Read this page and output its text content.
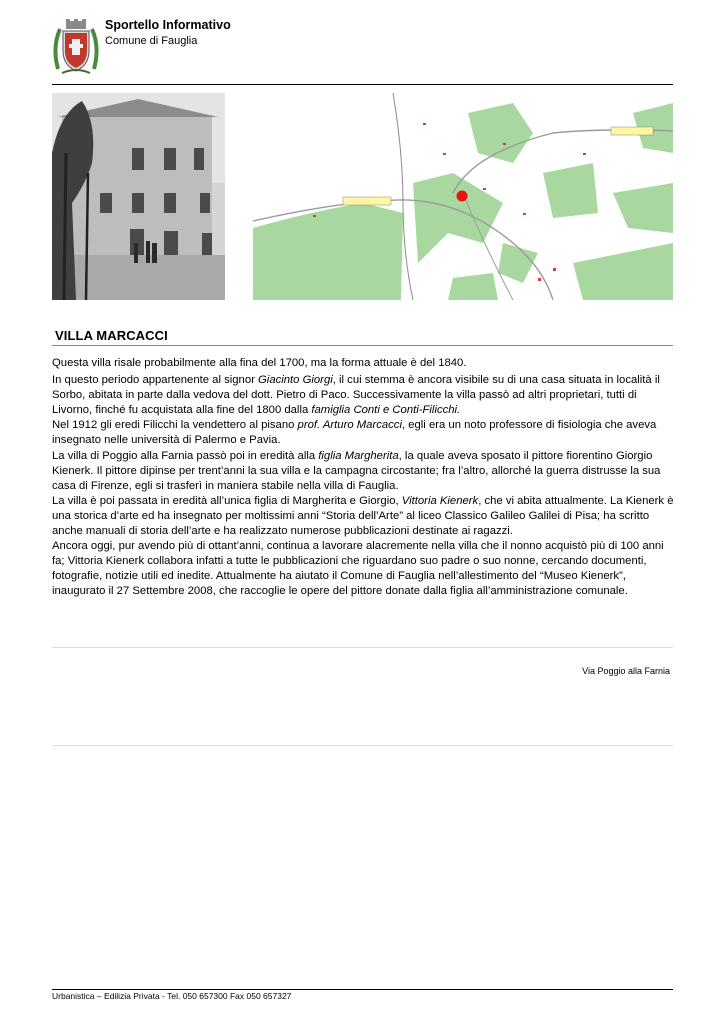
Sportello Informativo
Comune di Fauglia
VILLA MARCACCI

Questa villa risale probabilmente alla fina del 1700, ma la forma attuale è del 1840.

In questo periodo appartenente al signor Giacinto Giorgi, il cui stemma è ancora visibile su di una casa situata in località il Sorbo, abitata in parte dalla vedova del dott. Pietro di Paco. Successivamente la villa passò ad altri proprietari, tutti di Livorno, finché fu acquistata alla fine del 1800 dalla famiglia Conti e Conti-Filicchi.

Nel 1912 gli eredi Filicchi la vendettero al pisano prof. Arturo Marcacci, egli era un noto professore di fisiologia che aveva insegnato nelle università di Palermo e Pavia.

La villa di Poggio alla Farnia passò poi in eredità alla figlia Margherita, la quale aveva sposato il pittore fiorentino Giorgio Kienerk. Il pittore dipinse per trent’anni la sua villa e la campagna circostante; fra l’altro, allorché la guerra distrusse la sua casa di Firenze, egli si trasferì in maniera stabile nella villa di Fauglia.

La villa è poi passata in eredità all’unica figlia di Margherita e Giorgio, Vittoria Kienerk, che vi abita attualmente. La Kienerk è una storica d’arte ed ha insegnato per moltissimi anni “Storia dell’Arte” al liceo Classico Galileo Galilei di Pisa; ha scritto anche manuali di storia dell’arte e ha realizzato numerose pubblicazioni destinate ai ragazzi.

Ancora oggi, pur avendo più di ottant’anni, continua a lavorare alacremente nella villa che il nonno acquistò più di 100 anni fa; Vittoria Kienerk collabora infatti a tutte le pubblicazioni che riguardano suo padre o suo nonne, cercando documenti, fotografie, notizie utili ed inedite. Attualmente ha aiutato il Comune di Fauglia nell’allestimento del “Museo Kienerk”, inaugurato il 27 Settembre 2008, che raccoglie le opere del pittore donate dalla figlia all’amministrazione comunale.

Via Poggio alla Farnia
Urbanistica – Edilizia Privata - Tel. 050 657300 Fax 050 657327
